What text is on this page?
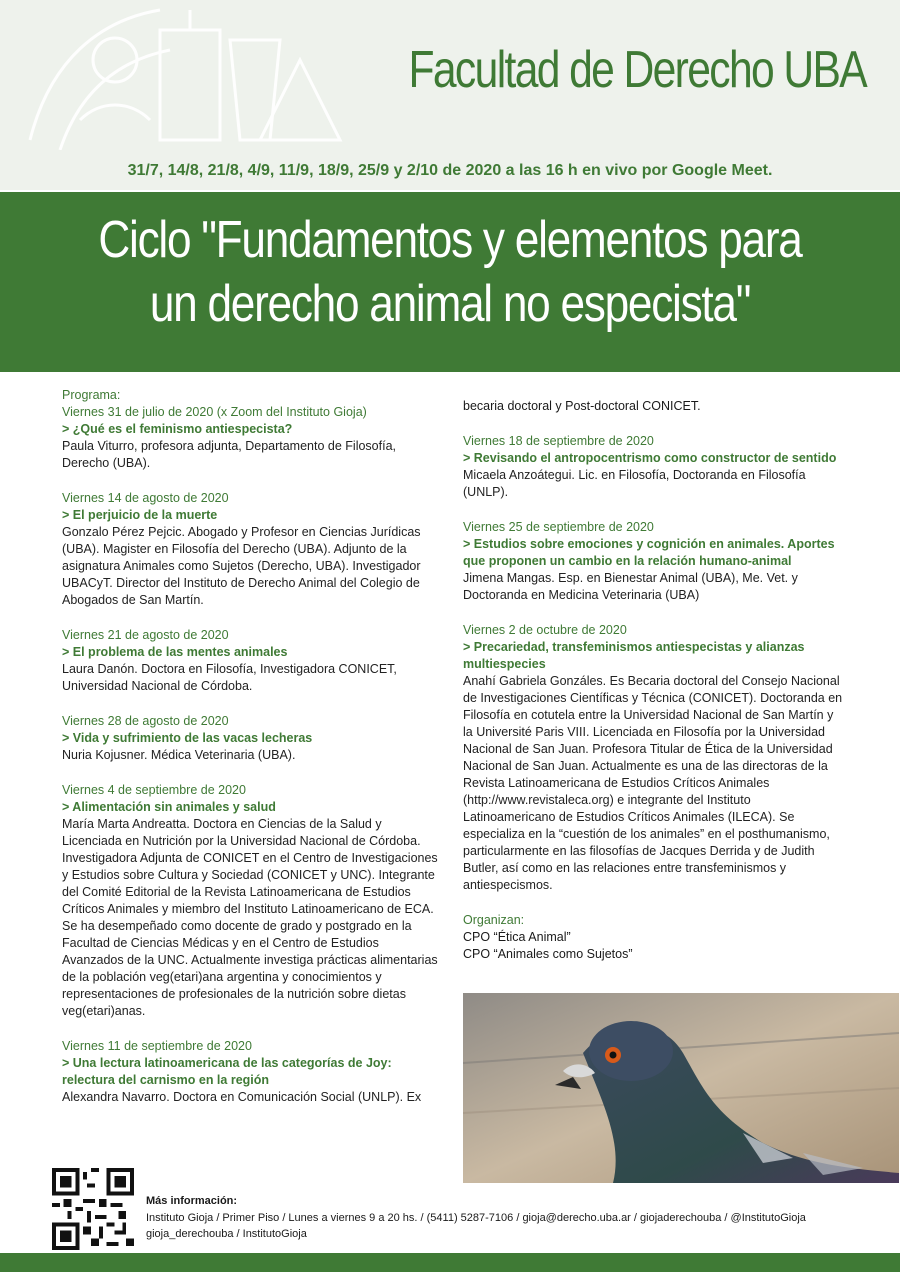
Facultad de Derecho UBA
31/7, 14/8, 21/8, 4/9, 11/9, 18/9, 25/9 y 2/10 de 2020 a las 16 h en vivo por Google Meet.
Ciclo "Fundamentos y elementos para
un derecho animal no especista"
Programa:
Viernes 31 de julio de 2020 (x Zoom del Instituto Gioja)
> ¿Qué es el feminismo antiespecista?
Paula Viturro, profesora adjunta, Departamento de Filosofía, Derecho (UBA).
Viernes 14 de agosto de 2020
> El perjuicio de la muerte
Gonzalo Pérez Pejcic. Abogado y Profesor en Ciencias Jurídicas (UBA). Magister en Filosofía del Derecho (UBA). Adjunto de la asignatura Animales como Sujetos (Derecho, UBA). Investigador UBACyT. Director del Instituto de Derecho Animal del Colegio de Abogados de San Martín.
Viernes 21 de agosto de 2020
> El problema de las mentes animales
Laura Danón. Doctora en Filosofía, Investigadora CONICET, Universidad Nacional de Córdoba.
Viernes 28 de agosto de 2020
> Vida y sufrimiento de las vacas lecheras
Nuria Kojusner. Médica Veterinaria (UBA).
Viernes 4 de septiembre de 2020
> Alimentación sin animales y salud
María Marta Andreatta. Doctora en Ciencias de la Salud y Licenciada en Nutrición por la Universidad Nacional de Córdoba. Investigadora Adjunta de CONICET en el Centro de Investigaciones y Estudios sobre Cultura y Sociedad (CONICET y UNC). Integrante del Comité Editorial de la Revista Latinoamericana de Estudios Críticos Animales y miembro del Instituto Latinoamericano de ECA. Se ha desempeñado como docente de grado y postgrado en la Facultad de Ciencias Médicas y en el Centro de Estudios Avanzados de la UNC. Actualmente investiga prácticas alimentarias de la población veg(etari)ana argentina y conocimientos y representaciones de profesionales de la nutrición sobre dietas veg(etari)anas.
Viernes 11 de septiembre de 2020
> Una lectura latinoamericana de las categorías de Joy: relectura del carnismo en la región
Alexandra Navarro. Doctora en Comunicación Social (UNLP). Ex
becaria doctoral y Post-doctoral CONICET.
Viernes 18 de septiembre de 2020
> Revisando el antropocentrismo como constructor de sentido
Micaela Anzoátegui. Lic. en Filosofía, Doctoranda en Filosofía (UNLP).
Viernes 25 de septiembre de 2020
> Estudios sobre emociones y cognición en animales. Aportes que proponen un cambio en la relación humano-animal
Jimena Mangas. Esp. en Bienestar Animal (UBA), Me. Vet. y Doctoranda en Medicina Veterinaria (UBA)
Viernes 2 de octubre de 2020
> Precariedad, transfeminismos antiespecistas y alianzas multiespecies
Anahí Gabriela Gonzáles. Es Becaria doctoral del Consejo Nacional de Investigaciones Científicas y Técnica (CONICET). Doctoranda en Filosofía en cotutela entre la Universidad Nacional de San Martín y la Université Paris VIII. Licenciada en Filosofía por la Universidad Nacional de San Juan. Profesora Titular de Ética de la Universidad Nacional de San Juan. Actualmente es una de las directoras de la Revista Latinoamericana de Estudios Críticos Animales (http://www.revistaleca.org) e integrante del Instituto Latinoamericano de Estudios Críticos Animales (ILECA). Se especializa en la “cuestión de los animales” en el posthumanismo, particularmente en las filosofías de Jacques Derrida y de Judith Butler, así como en las relaciones entre transfeminismos y antiespecismos.
Organizan:
CPO “Ética Animal”
CPO “Animales como Sujetos”
Más información:
Instituto Gioja / Primer Piso / Lunes a viernes 9 a 20 hs. / (5411) 5287-7106 / gioja@derecho.uba.ar / giojaderechouba / @InstitutoGioja
gioja_derechouba / InstitutoGioja
